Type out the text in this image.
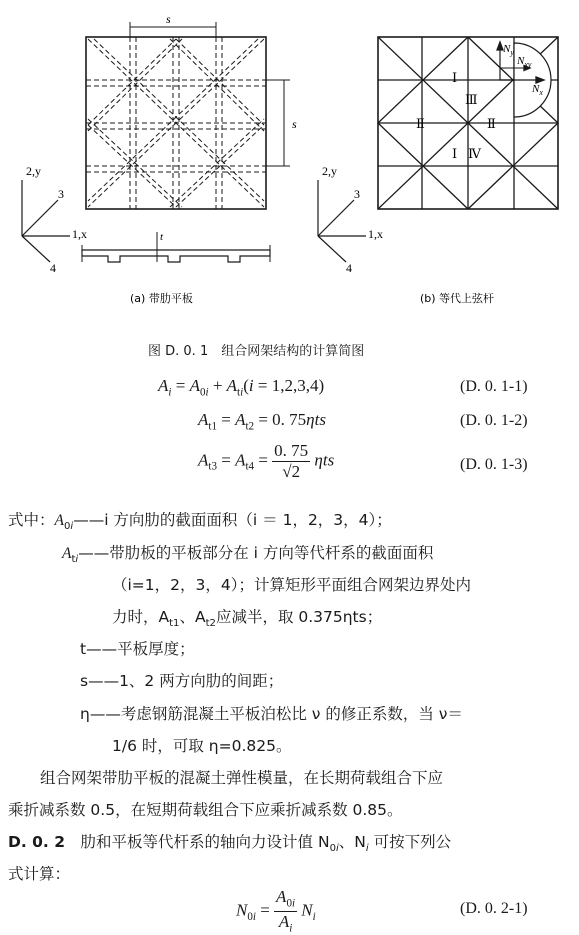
s
s
t
2,y
1,x
3
4
(a) 带肋平板
$N_y$
$N_{xy}$
$N_x$
Ⅰ
Ⅲ
Ⅱ	Ⅱ
Ⅰ Ⅳ
2,y
1,x
3
4
(b) 等代上弦杆
图 D. 0. 1　组合网架结构的计算简图
$A_i = A_{0i} + A_{ti}(i = 1,2,3,4)$	(D. 0. 1-1)
$A_{t1} = A_{t2} = 0$. 75ηts	(D. 0. 1-2)
$A_{t3} = A_{t4} = \frac{0. 75}{√2}$ ηts	(D. 0. 1-3)
式中：$A_{0i}——i$ 方向肋的截面面积（i ＝ 1，2，3，4）；
$A_{ti}——$带肋板的平板部分在 i 方向等代杆系的截面面积
（i=1，2，3，4）；计算矩形平面组合网架边界处内
力时，$A_{t1}$、$A_{t2}$应减半，取 0.375ηts；
t——平板厚度；
s——1、2 两方向肋的间距；
η——考虑钢筋混凝土平板泊松比 ν 的修正系数，当 ν＝
1/6 时，可取 η=0.825。
组合网架带肋平板的混凝土弹性模量，在长期荷载组合下应
乘折减系数 0.5，在短期荷载组合下应乘折减系数 0.85。
D. 0. 2　 肋和平板等代杆系的轴向力设计值 $N_{0i}$、$N_i$ 可按下列公
式计算：
$N_{0i} = \frac{A_{0i}}{A_i} N_i$	(D. 0. 2-1)
